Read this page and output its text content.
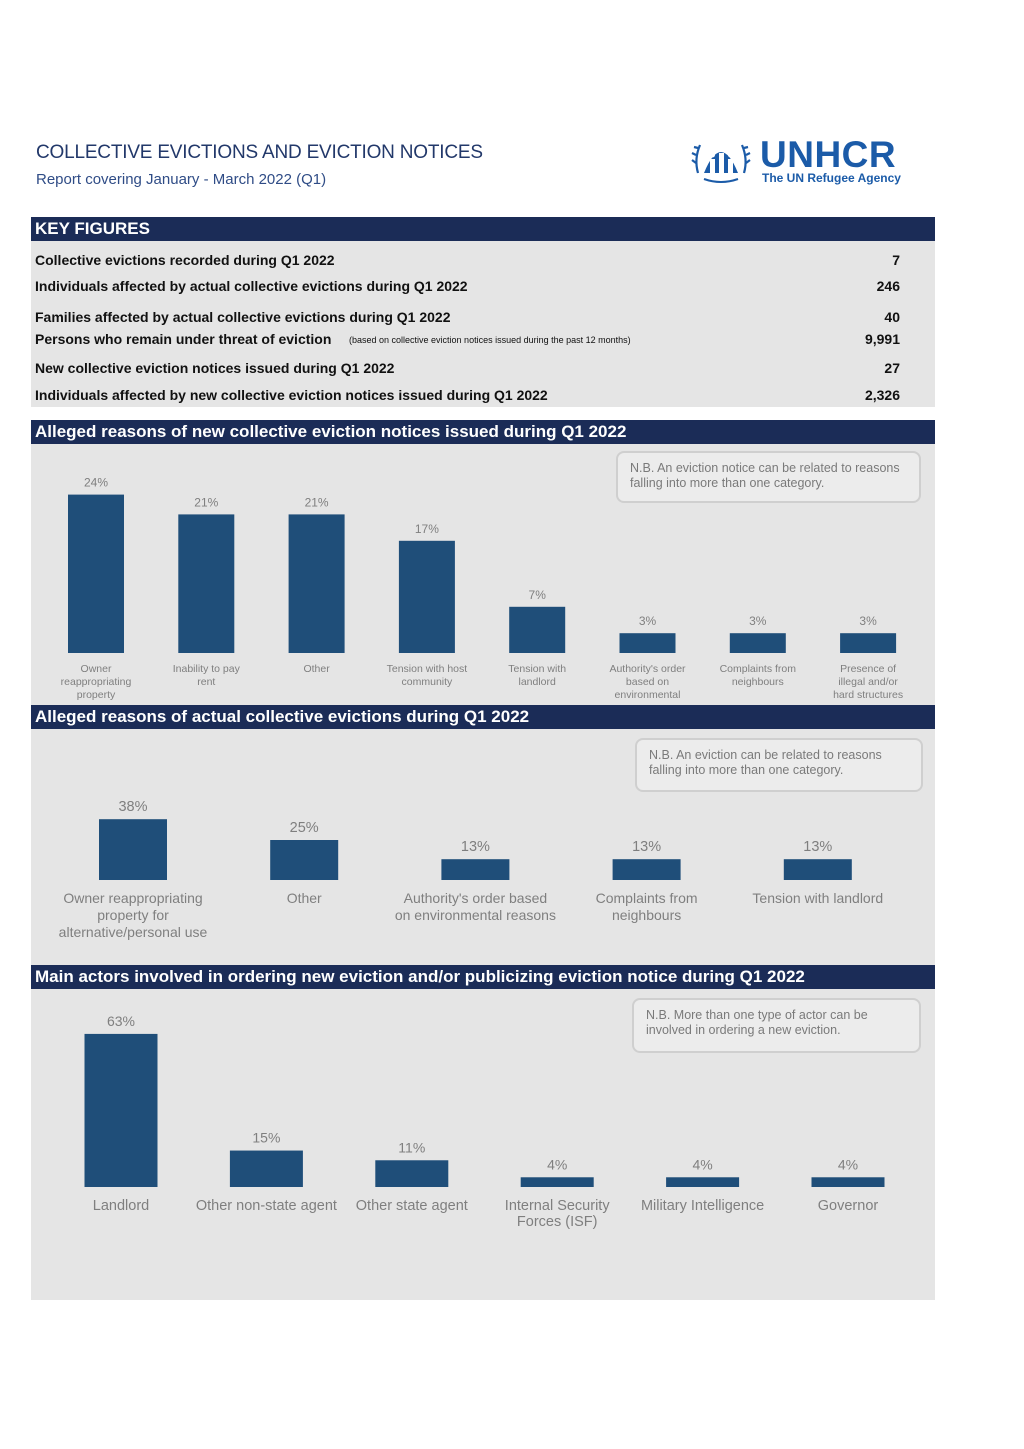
COLLECTIVE EVICTIONS AND EVICTION NOTICES
Report covering January - March 2022 (Q1)
UNHCR
The UN Refugee Agency
KEY FIGURES
Collective evictions recorded during Q1 2022	7
Individuals affected by actual collective evictions during Q1 2022	246
Families affected by actual collective evictions during Q1 2022	40
Persons who remain under threat of eviction (based on collective eviction notices issued during the past 12 months)	9,991
New collective eviction notices issued during Q1 2022	27
Individuals affected by new collective eviction notices issued during Q1 2022	2,326
Alleged reasons of new collective eviction notices issued during Q1 2022
N.B. An eviction notice can be related to reasons falling into more than one category.
24%
Owner
reappropriating
property
21%
Inability to pay
rent
21%
Other
17%
Tension with host
community
7%
Tension with
landlord
3%
Authority's order
based on
environmental
3%
Complaints from
neighbours
3%
Presence of
illegal and/or
hard structures
Alleged reasons of actual collective evictions during Q1 2022
N.B. An eviction can be related to reasons falling into more than one category.
38%
Owner reappropriating
property for
alternative/personal use
25%
Other
13%
Authority's order based
on environmental reasons
13%
Complaints from
neighbours
13%
Tension with landlord
Main actors involved in ordering new eviction and/or publicizing eviction notice during Q1 2022
N.B. More than one type of actor can be involved in ordering a new eviction.
63%
Landlord
15%
Other non-state agent
11%
Other state agent
4%
Internal Security
Forces (ISF)
4%
Military Intelligence
4%
Governor
